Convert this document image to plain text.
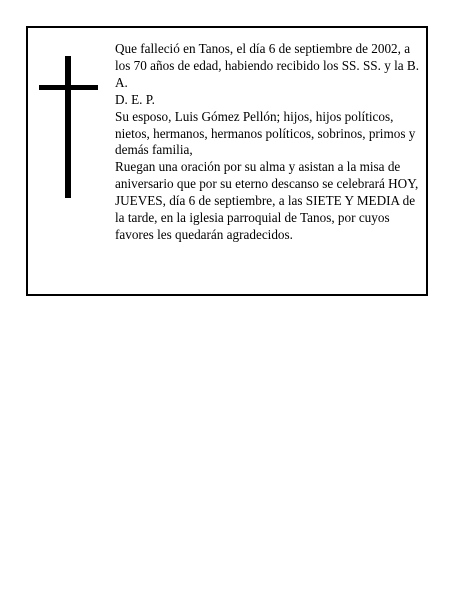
Que falleció en Tanos, el día 6 de septiembre de 2002, a los 70 años de edad, habiendo recibido los SS. SS. y la B. A.

D. E. P.

Su esposo, Luis Gómez Pellón; hijos, hijos políticos, nietos, hermanos, hermanos políticos, sobrinos, primos y demás familia,

Ruegan una oración por su alma y asistan a la misa de aniversario que por su eterno descanso se celebrará HOY, JUEVES, día 6 de septiembre, a las SIETE Y MEDIA de la tarde, en la iglesia parroquial de Tanos, por cuyos favores les quedarán agradecidos.
